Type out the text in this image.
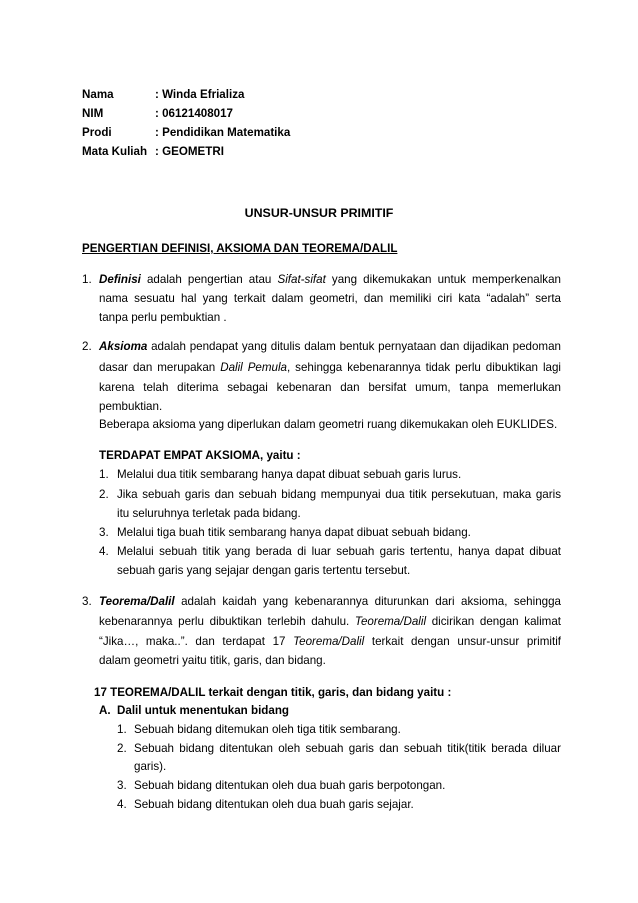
Nama	: Winda Efrializa
NIM	: 06121408017
Prodi	: Pendidikan Matematika
Mata Kuliah : GEOMETRI
UNSUR-UNSUR PRIMITIF
PENGERTIAN DEFINISI, AKSIOMA DAN TEOREMA/DALIL
1. Definisi adalah pengertian atau Sifat-sifat yang dikemukakan untuk memperkenalkan
nama sesuatu hal yang terkait dalam geometri, dan memiliki ciri kata “adalah” serta
tanpa perlu pembuktian .
2. Aksioma adalah pendapat yang ditulis dalam bentuk pernyataan dan dijadikan pedoman
dasar dan merupakan Dalil Pemula, sehingga kebenarannya tidak perlu dibuktikan lagi
karena telah diterima sebagai kebenaran dan bersifat umum, tanpa memerlukan
pembuktian.
Beberapa aksioma yang diperlukan dalam geometri ruang dikemukakan oleh EUKLIDES.
TERDAPAT EMPAT AKSIOMA, yaitu :
1. Melalui dua titik sembarang hanya dapat dibuat sebuah garis lurus.
2. Jika sebuah garis dan sebuah bidang mempunyai dua titik persekutuan, maka garis
itu seluruhnya terletak pada bidang.
3. Melalui tiga buah titik sembarang hanya dapat dibuat sebuah bidang.
4. Melalui sebuah titik yang berada di luar sebuah garis tertentu, hanya dapat dibuat
sebuah garis yang sejajar dengan garis tertentu tersebut.
3. Teorema/Dalil adalah kaidah yang kebenarannya diturunkan dari aksioma, sehingga
kebenarannya perlu dibuktikan terlebih dahulu. Teorema/Dalil dicirikan dengan kalimat
“Jika…, maka..”. dan terdapat 17 Teorema/Dalil terkait dengan unsur-unsur primitif
dalam geometri yaitu titik, garis, dan bidang.
17 TEOREMA/DALIL terkait dengan titik, garis, dan bidang yaitu :
A. Dalil untuk menentukan bidang
1. Sebuah bidang ditemukan oleh tiga titik sembarang.
2. Sebuah bidang ditentukan oleh sebuah garis dan sebuah titik(titik berada diluar
garis).
3. Sebuah bidang ditentukan oleh dua buah garis berpotongan.
4. Sebuah bidang ditentukan oleh dua buah garis sejajar.
